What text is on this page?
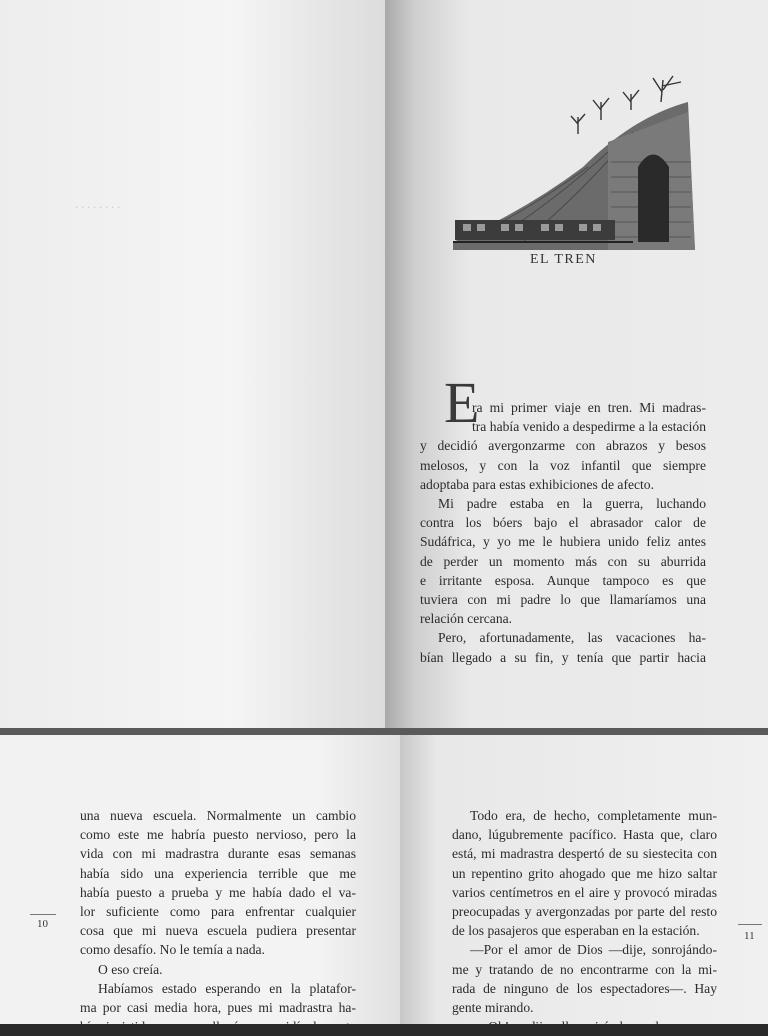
· · · · · · · ·
EL TREN
E
ra mi primer viaje en tren. Mi madras-
tra había venido a despedirme a la estación
y decidió avergonzarme con abrazos y besos
melosos, y con la voz infantil que siempre
adoptaba para estas exhibiciones de afecto.
Mi padre estaba en la guerra, luchando
contra los bóers bajo el abrasador calor de
Sudáfrica, y yo me le hubiera unido feliz antes
de perder un momento más con su aburrida
e irritante esposa. Aunque tampoco es que
tuviera con mi padre lo que llamaríamos una
relación cercana.
Pero, afortunadamente, las vacaciones ha-
bían llegado a su fin, y tenía que partir hacia
una nueva escuela. Normalmente un cambio
como este me habría puesto nervioso, pero la
vida con mi madrastra durante esas semanas
había sido una experiencia terrible que me
había puesto a prueba y me había dado el va-
lor suficiente como para enfrentar cualquier
cosa que mi nueva escuela pudiera presentar
como desafío. No le temía a nada.
O eso creía.
Habíamos estado esperando en la platafor-
ma por casi media hora, pues mi madrastra ha-
bía insistido en que llegáramos ridículamente
10
Todo era, de hecho, completamente mun-
dano, lúgubremente pacífico. Hasta que, claro
está, mi madrastra despertó de su siestecita con
un repentino grito ahogado que me hizo saltar
varios centímetros en el aire y provocó miradas
preocupadas y avergonzadas por parte del resto
de los pasajeros que esperaban en la estación.
—Por el amor de Dios —dije, sonrojándo-
me y tratando de no encontrarme con la mi-
rada de ninguno de los espectadores—. Hay
gente mirando.
—¡Oh! —dijo ella, mirándome de una ma-
11
